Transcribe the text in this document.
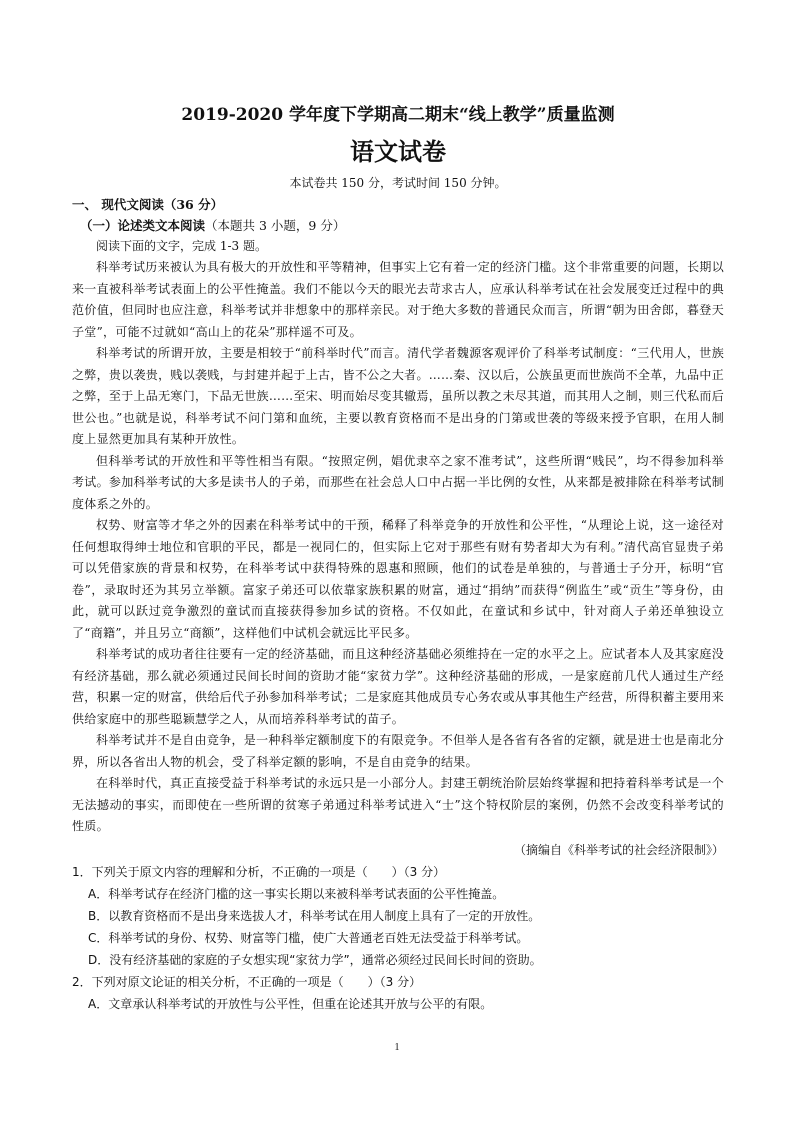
2019-2020 学年度下学期高二期末“线上教学”质量监测

语文试卷

本试卷共 150 分，考试时间 150 分钟。

一、 现代文阅读（36 分）

（一）论述类文本阅读（本题共 3 小题，9 分）

阅读下面的文字，完成 1-3 题。

科举考试历来被认为具有极大的开放性和平等精神，但事实上它有着一定的经济门槛。这个非常重要的问题，长期以来一直被科举考试表面上的公平性掩盖。我们不能以今天的眼光去苛求古人，应承认科举考试在社会发展变迁过程中的典范价值，但同时也应注意，科举考试并非想象中的那样亲民。对于绝大多数的普通民众而言，所谓“朝为田舍郎，暮登天子堂”，可能不过就如“高山上的花朵”那样遥不可及。

科举考试的所谓开放，主要是相较于“前科举时代”而言。清代学者魏源客观评价了科举考试制度：“三代用人，世族之弊，贵以袭贵，贱以袭贱，与封建并起于上古，皆不公之大者。……秦、汉以后，公族虽更而世族尚不全革，九品中正之弊，至于上品无寒门，下品无世族……至宋、明而始尽变其辙焉，虽所以教之未尽其道，而其用人之制，则三代私而后世公也。”也就是说，科举考试不问门第和血统，主要以教育资格而不是出身的门第或世袭的等级来授予官职，在用人制度上显然更加具有某种开放性。

但科举考试的开放性和平等性相当有限。“按照定例，娼优隶卒之家不准考试”，这些所谓“贱民”，均不得参加科举考试。参加科举考试的大多是读书人的子弟，而那些在社会总人口中占据一半比例的女性，从来都是被排除在科举考试制度体系之外的。

权势、财富等才华之外的因素在科举考试中的干预，稀释了科举竞争的开放性和公平性，“从理论上说，这一途径对任何想取得绅士地位和官职的平民，都是一视同仁的，但实际上它对于那些有财有势者却大为有利。”清代高官显贵子弟可以凭借家族的背景和权势，在科举考试中获得特殊的恩惠和照顾，他们的试卷是单独的，与普通士子分开，标明“官卷”，录取时还为其另立举额。富家子弟还可以依靠家族积累的财富，通过“捐纳”而获得“例监生”或“贡生”等身份，由此，就可以跃过竞争激烈的童试而直接获得参加乡试的资格。不仅如此，在童试和乡试中，针对商人子弟还单独设立了“商籍”，并且另立“商额”，这样他们中试机会就远比平民多。

科举考试的成功者往往要有一定的经济基础，而且这种经济基础必须维持在一定的水平之上。应试者本人及其家庭没有经济基础，那么就必须通过民间长时间的资助才能“家贫力学”。这种经济基础的形成，一是家庭前几代人通过生产经营，积累一定的财富，供给后代子孙参加科举考试；二是家庭其他成员专心务农或从事其他生产经营，所得积蓄主要用来供给家庭中的那些聪颖慧学之人，从而培养科举考试的苗子。

科举考试并不是自由竞争，是一种科举定额制度下的有限竞争。不但举人是各省有各省的定额，就是进士也是南北分界，所以各省出人物的机会，受了科举定额的影响，不是自由竞争的结果。

在科举时代，真正直接受益于科举考试的永远只是一小部分人。封建王朝统治阶层始终掌握和把持着科举考试是一个无法撼动的事实，而即使在一些所谓的贫寒子弟通过科举考试进入“士”这个特权阶层的案例，仍然不会改变科举考试的性质。

（摘编自《科举考试的社会经济限制》）

1．下列关于原文内容的理解和分析，不正确的一项是（　　）（3 分）

A．科举考试存在经济门槛的这一事实长期以来被科举考试表面的公平性掩盖。

B．以教育资格而不是出身来选拔人才，科举考试在用人制度上具有了一定的开放性。

C．科举考试的身份、权势、财富等门槛，使广大普通老百姓无法受益于科举考试。

D．没有经济基础的家庭的子女想实现“家贫力学”，通常必须经过民间长时间的资助。

2．下列对原文论证的相关分析，不正确的一项是（　　）（3 分）

A．文章承认科举考试的开放性与公平性，但重在论述其开放与公平的有限。

1
